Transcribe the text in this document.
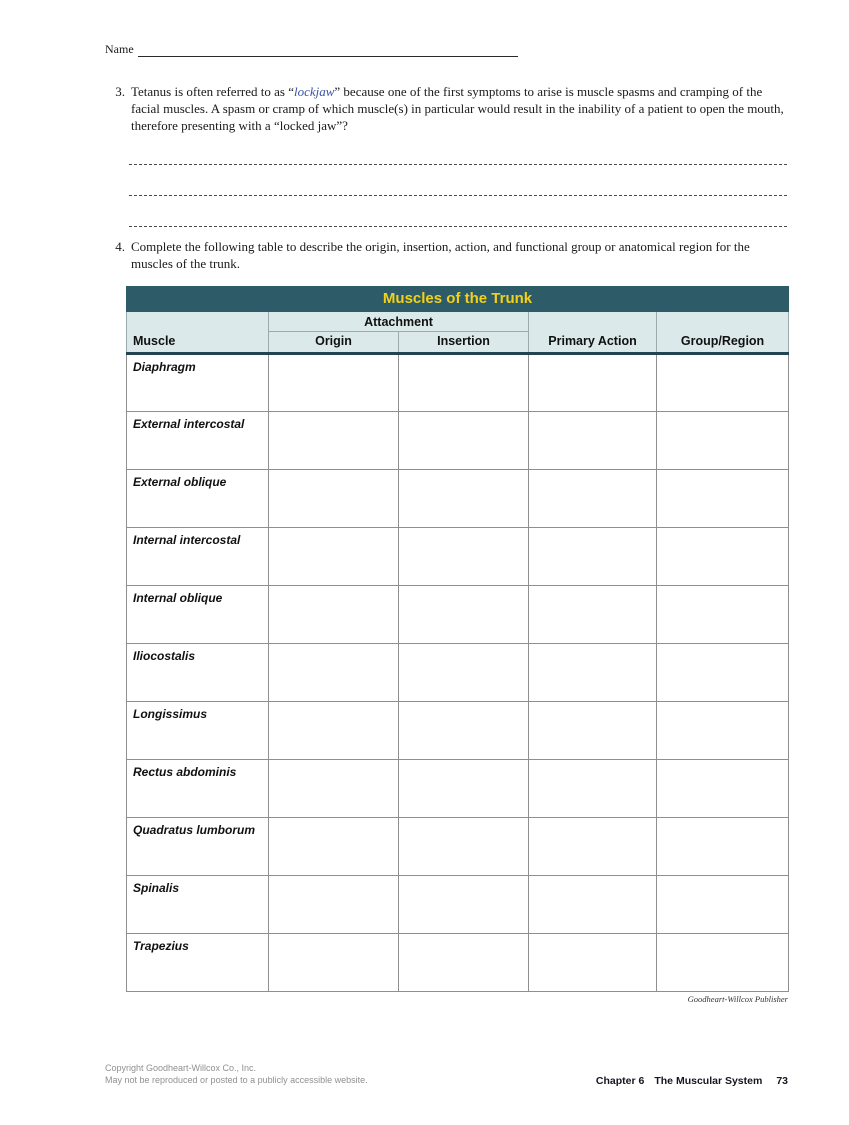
Name
3. Tetanus is often referred to as “lockjaw” because one of the first symptoms to arise is muscle spasms and cramping of the facial muscles. A spasm or cramp of which muscle(s) in particular would result in the inability of a patient to open the mouth, therefore presenting with a “locked jaw”?
4. Complete the following table to describe the origin, insertion, action, and functional group or anatomical region for the muscles of the trunk.
Muscles of the Trunk				
Muscle	Attachment		Primary Action	Group/Region
	Origin	Insertion		
Diaphragm				
External intercostal				
External oblique				
Internal intercostal				
Internal oblique				
Iliocostalis				
Longissimus				
Rectus abdominis				
Quadratus lumborum				
Spinalis				
Trapezius				
Goodheart-Willcox Publisher
Copyright Goodheart-Willcox Co., Inc.
May not be reproduced or posted to a publicly accessible website.	Chapter 6 The Muscular System 73
